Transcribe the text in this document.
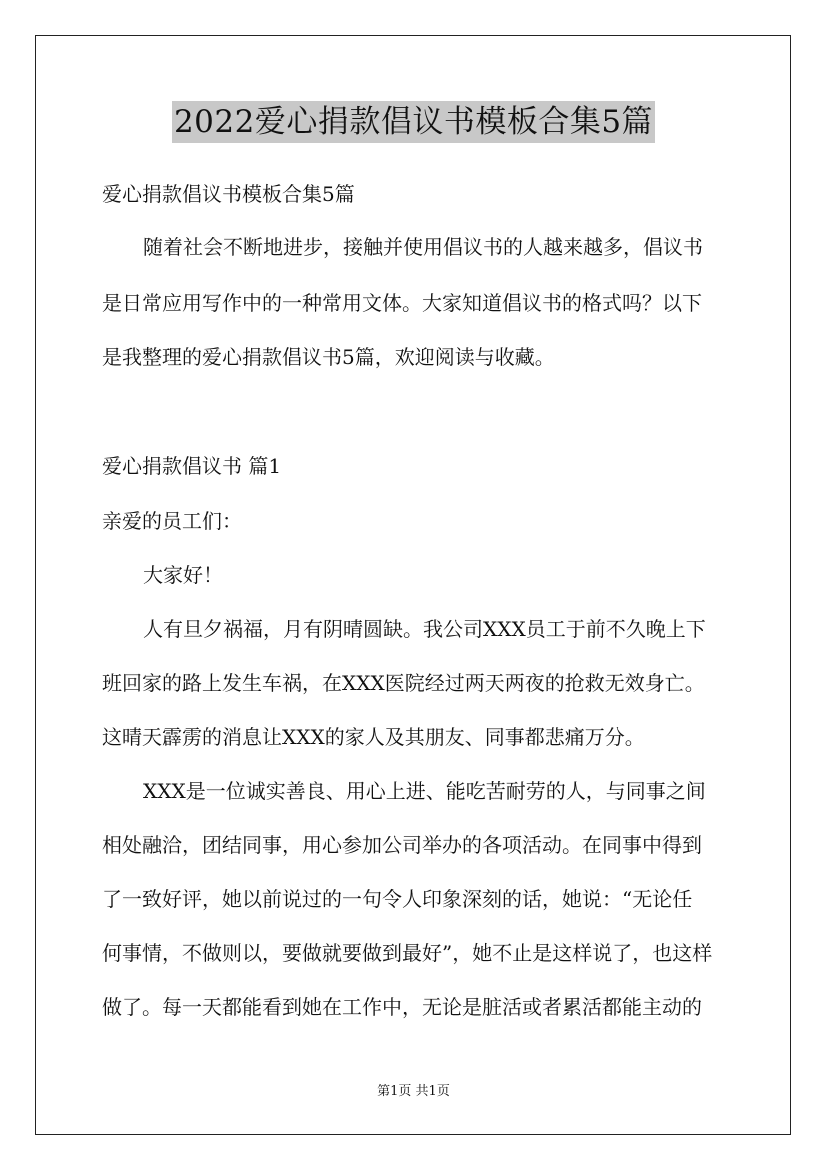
2022爱心捐款倡议书模板合集5篇
爱心捐款倡议书模板合集5篇
随着社会不断地进步，接触并使用倡议书的人越来越多，倡议书
是日常应用写作中的一种常用文体。大家知道倡议书的格式吗？以下
是我整理的爱心捐款倡议书5篇，欢迎阅读与收藏。
爱心捐款倡议书 篇1
亲爱的员工们：
大家好！
人有旦夕祸福，月有阴晴圆缺。我公司XXX员工于前不久晚上下
班回家的路上发生车祸，在XXX医院经过两天两夜的抢救无效身亡。
这晴天霹雳的消息让XXX的家人及其朋友、同事都悲痛万分。
XXX是一位诚实善良、用心上进、能吃苦耐劳的人，与同事之间
相处融洽，团结同事，用心参加公司举办的各项活动。在同事中得到
了一致好评，她以前说过的一句令人印象深刻的话，她说：“无论任
何事情，不做则以，要做就要做到最好”，她不止是这样说了，也这样
做了。每一天都能看到她在工作中，无论是脏活或者累活都能主动的
第1页 共1页
